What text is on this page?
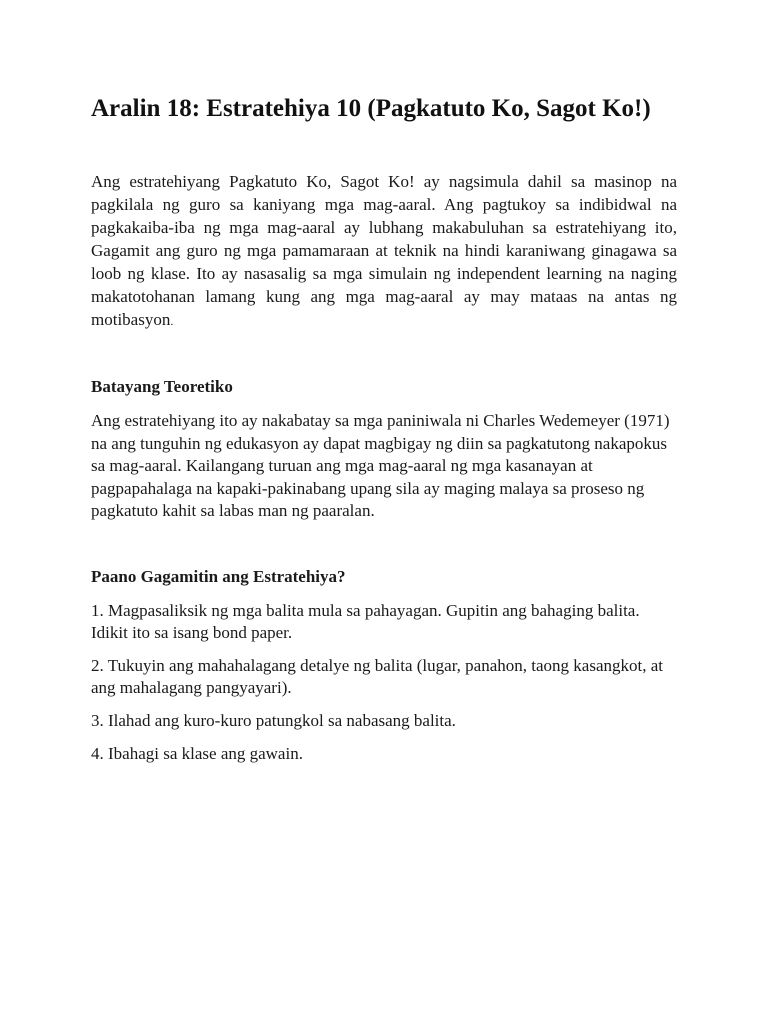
Aralin 18: Estratehiya 10 (Pagkatuto Ko, Sagot Ko!)

Ang estratehiyang Pagkatuto Ko, Sagot Ko! ay nagsimula dahil sa masinop na pagkilala ng guro sa kaniyang mga mag-aaral. Ang pagtukoy sa indibidwal na pagkakaiba-iba ng mga mag-aaral ay lubhang makabuluhan sa estratehiyang ito, Gagamit ang guro ng mga pamamaraan at teknik na hindi karaniwang ginagawa sa loob ng klase. Ito ay nasasalig sa mga simulain ng independent learning na naging makatotohanan lamang kung ang mga mag-aaral ay may mataas na antas ng motibasyon.

Batayang Teoretiko

Ang estratehiyang ito ay nakabatay sa mga paniniwala ni Charles Wedemeyer (1971) na ang tunguhin ng edukasyon ay dapat magbigay ng diin sa pagkatutong nakapokus sa mag-aaral. Kailangang turuan ang mga mag-aaral ng mga kasanayan at pagpapahalaga na kapaki-pakinabang upang sila ay maging malaya sa proseso ng pagkatuto kahit sa labas man ng paaralan.

Paano Gagamitin ang Estratehiya?
1. Magpasaliksik ng mga balita mula sa pahayagan. Gupitin ang bahaging balita. Idikit ito sa isang bond paper.
2. Tukuyin ang mahahalagang detalye ng balita (lugar, panahon, taong kasangkot, at ang mahalagang pangyayari).
3. Ilahad ang kuro-kuro patungkol sa nabasang balita.
4. Ibahagi sa klase ang gawain.
